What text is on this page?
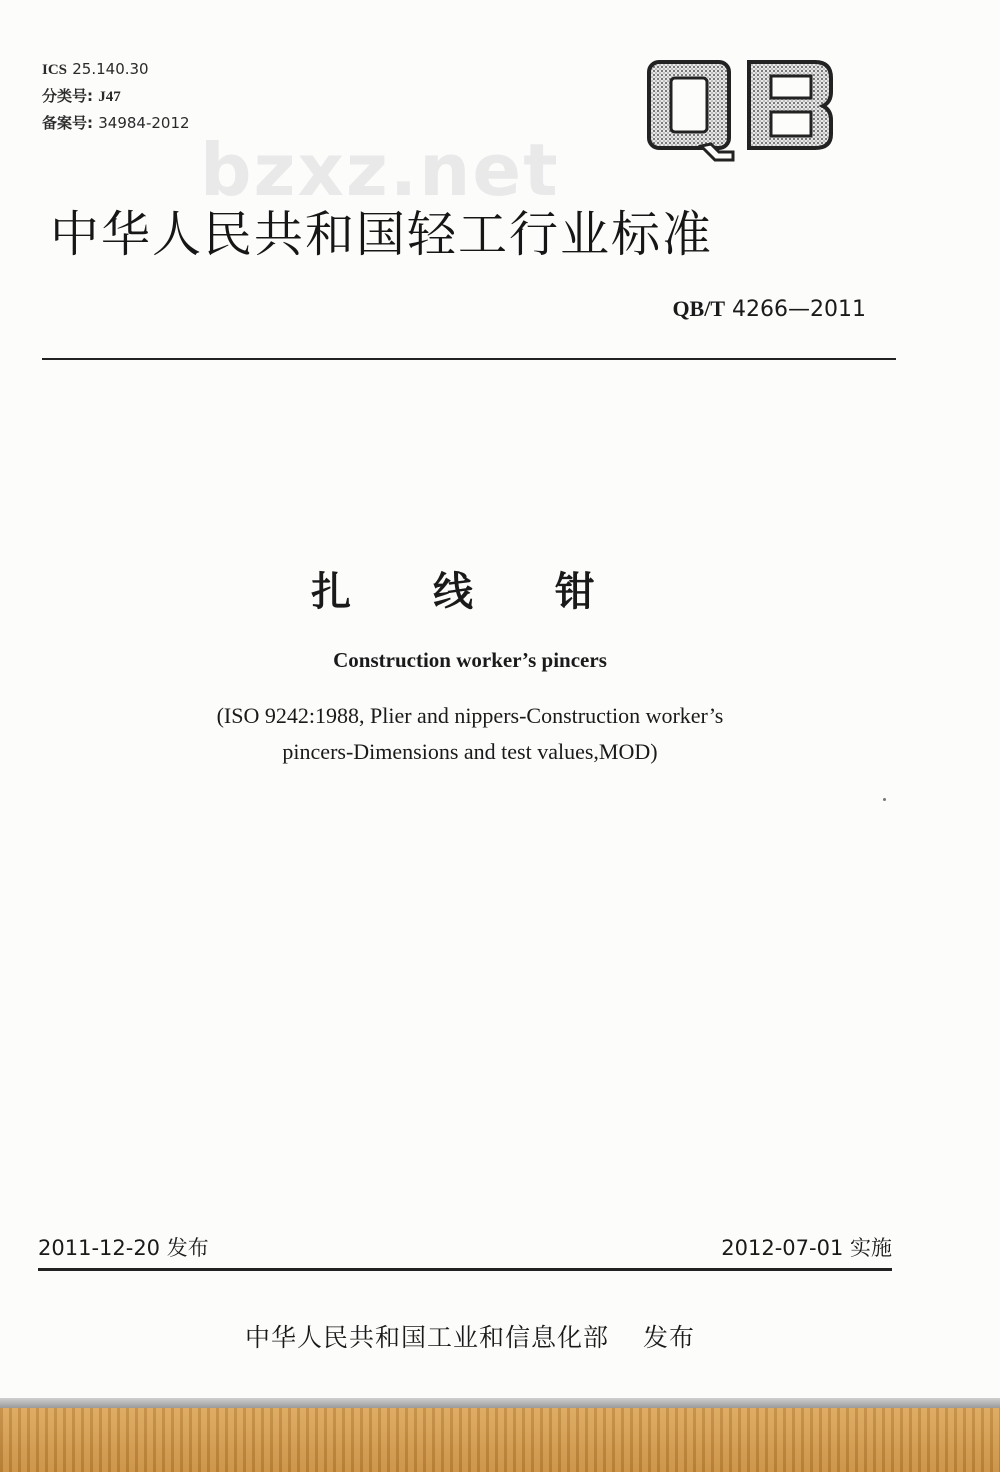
ICS 25.140.30
分类号: J47
备案号: 34984-2012	QB
bzxz.net
中华人民共和国轻工行业标准
QB/T 4266—2011
扎 线 钳
Construction worker’s pincers
(ISO 9242:1988, Plier and nippers-Construction worker’s
pincers-Dimensions and test values,MOD)
2011-12-20 发布	2012-07-01 实施
中华人民共和国工业和信息化部 发布
